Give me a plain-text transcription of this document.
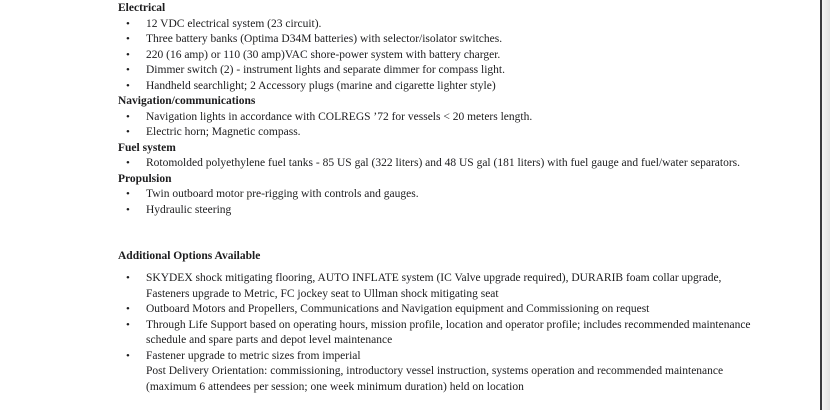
Electrical
•	12 VDC electrical system (23 circuit).
•	Three battery banks (Optima D34M batteries) with selector/isolator switches.
•	220 (16 amp) or 110 (30 amp)VAC shore-power system with battery charger.
•	Dimmer switch (2) - instrument lights and separate dimmer for compass light.
•	Handheld searchlight; 2 Accessory plugs (marine and cigarette lighter style)
Navigation/communications
•	Navigation lights in accordance with COLREGS ’72 for vessels < 20 meters length.
•	Electric horn; Magnetic compass.
Fuel system
•	Rotomolded polyethylene fuel tanks - 85 US gal (322 liters) and 48 US gal (181 liters) with fuel gauge and fuel/water separators.
Propulsion
•	Twin outboard motor pre-rigging with controls and gauges.
•	Hydraulic steering
Additional Options Available
•	SKYDEX shock mitigating flooring, AUTO INFLATE system (IC Valve upgrade required), DURARIB foam collar upgrade,
Fasteners upgrade to Metric, FC jockey seat to Ullman shock mitigating seat
•	Outboard Motors and Propellers, Communications and Navigation equipment and Commissioning on request
•	Through Life Support based on operating hours, mission profile, location and operator profile; includes recommended maintenance
schedule and spare parts and depot level maintenance
•	Fastener upgrade to metric sizes from imperial
Post Delivery Orientation: commissioning, introductory vessel instruction, systems operation and recommended maintenance
(maximum 6 attendees per session; one week minimum duration) held on location
